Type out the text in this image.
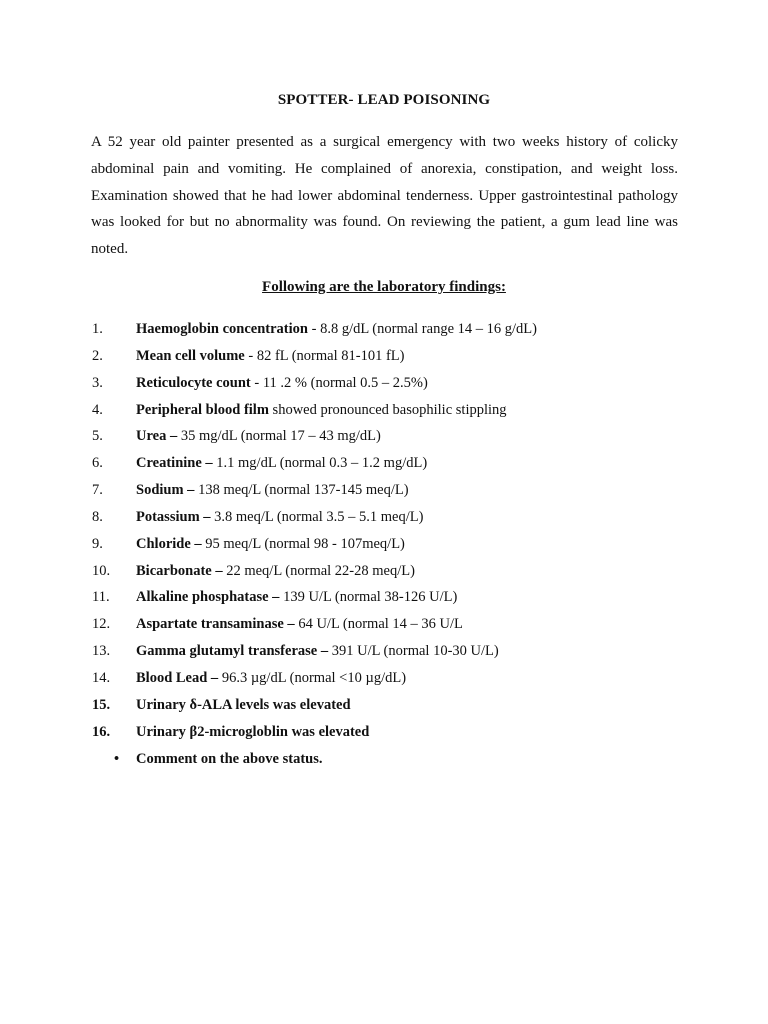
SPOTTER- LEAD POISONING

A 52 year old painter presented as a surgical emergency with two weeks history of colicky abdominal pain and vomiting. He complained of anorexia, constipation, and weight loss. Examination showed that he had lower abdominal tenderness. Upper gastrointestinal pathology was looked for but no abnormality was found. On reviewing the patient, a gum lead line was noted.

Following are the laboratory findings:
1. Haemoglobin concentration - 8.8 g/dL (normal range 14 – 16 g/dL)
2. Mean cell volume - 82 fL (normal 81-101 fL)
3. Reticulocyte count - 11 .2 % (normal 0.5 – 2.5%)
4. Peripheral blood film showed pronounced basophilic stippling
5. Urea – 35 mg/dL (normal 17 – 43 mg/dL)
6. Creatinine – 1.1 mg/dL (normal 0.3 – 1.2 mg/dL)
7. Sodium – 138 meq/L (normal 137-145 meq/L)
8. Potassium – 3.8 meq/L (normal 3.5 – 5.1 meq/L)
9. Chloride – 95 meq/L (normal 98 - 107meq/L)
10. Bicarbonate – 22 meq/L (normal 22-28 meq/L)
11. Alkaline phosphatase – 139 U/L (normal 38-126 U/L)
12. Aspartate transaminase – 64 U/L (normal 14 – 36 U/L
13. Gamma glutamyl transferase – 391 U/L (normal 10-30 U/L)
14. Blood Lead – 96.3 µg/dL (normal <10 µg/dL)
15. Urinary δ-ALA levels was elevated
16. Urinary β2-microgloblin was elevated
• Comment on the above status.
